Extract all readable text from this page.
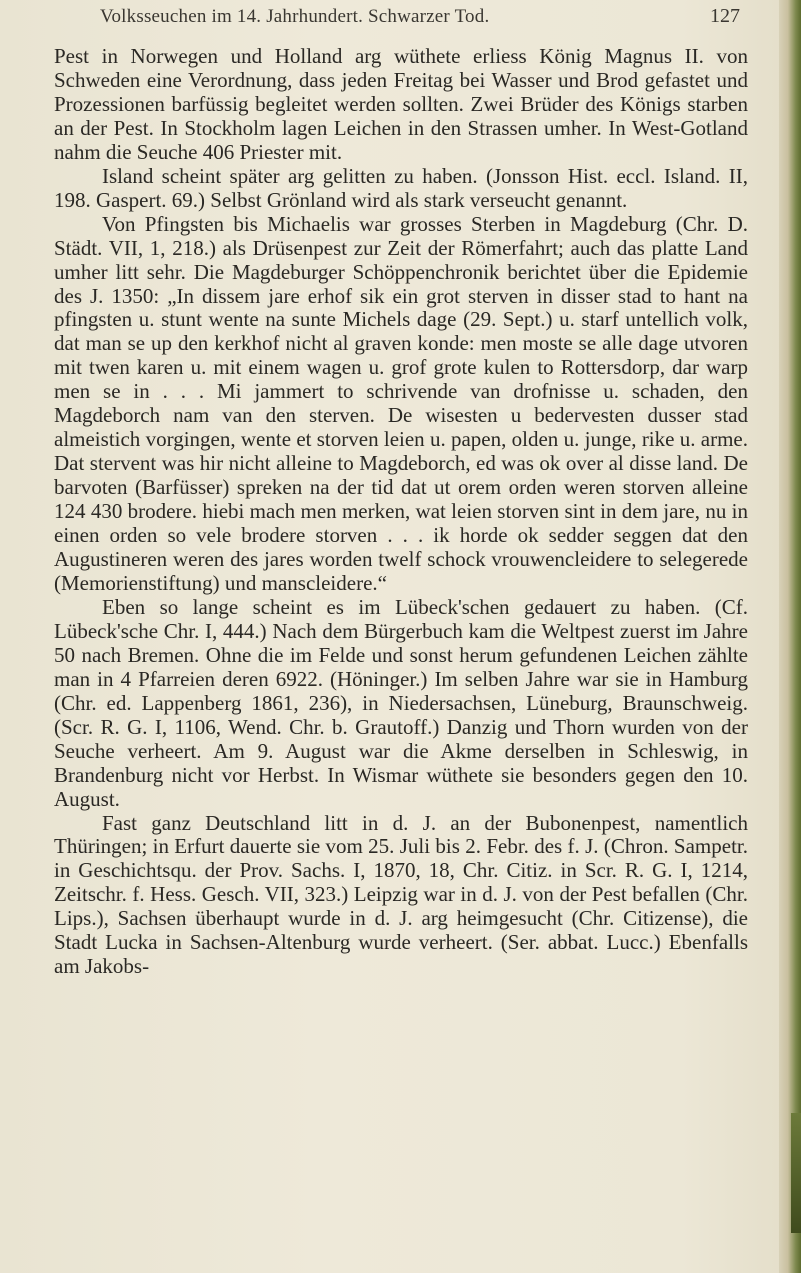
Volksseuchen im 14. Jahrhundert. Schwarzer Tod.	127

Pest in Norwegen und Holland arg wüthete erliess König Magnus II. von Schweden eine Verordnung, dass jeden Freitag bei Wasser und Brod gefastet und Prozessionen barfüssig begleitet werden sollten. Zwei Brüder des Königs starben an der Pest. In Stockholm lagen Leichen in den Strassen umher. In West-Gotland nahm die Seuche 406 Priester mit.

Island scheint später arg gelitten zu haben. (Jonsson Hist. eccl. Island. II, 198. Gaspert. 69.) Selbst Grönland wird als stark verseucht genannt.

Von Pfingsten bis Michaelis war grosses Sterben in Magdeburg (Chr. D. Städt. VII, 1, 218.) als Drüsenpest zur Zeit der Römerfahrt; auch das platte Land umher litt sehr. Die Magdeburger Schöppenchronik berichtet über die Epidemie des J. 1350: „In dissem jare erhof sik ein grot sterven in disser stad to hant na pfingsten u. stunt wente na sunte Michels dage (29. Sept.) u. starf untellich volk, dat man se up den kerkhof nicht al graven konde: men moste se alle dage utvoren mit twen karen u. mit einem wagen u. grof grote kulen to Rottersdorp, dar warp men se in . . . Mi jammert to schrivende van drofnisse u. schaden, den Magdeborch nam van den sterven. De wisesten u bedervesten dusser stad almeistich vorgingen, wente et storven leien u. papen, olden u. junge, rike u. arme. Dat stervent was hir nicht alleine to Magdeborch, ed was ok over al disse land. De barvoten (Barfüsser) spreken na der tid dat ut orem orden weren storven alleine 124 430 brodere. hiebi mach men merken, wat leien storven sint in dem jare, nu in einen orden so vele brodere storven . . . ik horde ok sedder seggen dat den Augustineren weren des jares worden twelf schock vrouwencleidere to selegerede (Memorienstiftung) und manscleidere.“

Eben so lange scheint es im Lübeck'schen gedauert zu haben. (Cf. Lübeck'sche Chr. I, 444.) Nach dem Bürgerbuch kam die Weltpest zuerst im Jahre 50 nach Bremen. Ohne die im Felde und sonst herum gefundenen Leichen zählte man in 4 Pfarreien deren 6922. (Höninger.) Im selben Jahre war sie in Hamburg (Chr. ed. Lappenberg 1861, 236), in Niedersachsen, Lüneburg, Braunschweig. (Scr. R. G. I, 1106, Wend. Chr. b. Grautoff.) Danzig und Thorn wurden von der Seuche verheert. Am 9. August war die Akme derselben in Schleswig, in Brandenburg nicht vor Herbst. In Wismar wüthete sie besonders gegen den 10. August.

Fast ganz Deutschland litt in d. J. an der Bubonenpest, namentlich Thüringen; in Erfurt dauerte sie vom 25. Juli bis 2. Febr. des f. J. (Chron. Sampetr. in Geschichtsqu. der Prov. Sachs. I, 1870, 18, Chr. Citiz. in Scr. R. G. I, 1214, Zeitschr. f. Hess. Gesch. VII, 323.) Leipzig war in d. J. von der Pest befallen (Chr. Lips.), Sachsen überhaupt wurde in d. J. arg heimgesucht (Chr. Citizense), die Stadt Lucka in Sachsen-Altenburg wurde verheert. (Ser. abbat. Lucc.) Ebenfalls am Jakobs-
